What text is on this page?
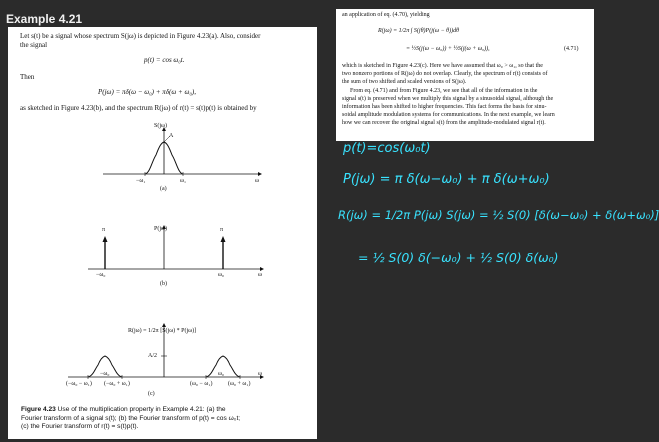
Example 4.21
Let s(t) be a signal whose spectrum S(jω) is depicted in Figure 4.23(a). Also, consider
the signal
p(t) = cos ω₀t.
Then
P(jω) = πδ(ω − ω₀) + πδ(ω + ω₀),
as sketched in Figure 4.23(b), and the spectrum R(jω) of r(t) = s(t)p(t) is obtained by
S(jω)
A
−ω₁	ω₁	ω
(a)
P(jω)
π	π
−ω₀	ω₀	ω
(b)
R(jω) = 1/2π [S(jω) * P(jω)]
A/2
−ω₀	ω₀
(−ω₀ − ω₁) (−ω₀ + ω₁)	(ω₀ − ω₁)	(ω₀ + ω₁)
ω
(c)
Figure 4.23 Use of the multiplication property in Example 4.21: (a) the
Fourier transform of a signal s(t); (b) the Fourier transform of p(t) = cos ω₀t;
(c) the Fourier transform of r(t) = s(t)p(t).
an application of eq. (4.70), yielding
R(jω) = 1/2π ∫ S(jθ)P(j(ω − θ))dθ
= ½S(j(ω − ω₀)) + ½S(j(ω + ω₀)),	(4.71)
which is sketched in Figure 4.23(c). Here we have assumed that ω₀ > ω₁, so that the
two nonzero portions of R(jω) do not overlap. Clearly, the spectrum of r(t) consists of
the sum of two shifted and scaled versions of S(jω).
From eq. (4.71) and from Figure 4.23, we see that all of the information in the
signal s(t) is preserved when we multiply this signal by a sinusoidal signal, although the
information has been shifted to higher frequencies. This fact forms the basis for sinu-
soidal amplitude modulation systems for communications. In the next example, we learn
how we can recover the original signal s(t) from the amplitude-modulated signal r(t).
p(t)=cos(ω₀t)
P(jω) = π δ(ω−ω₀) + π δ(ω+ω₀)
R(jω) = 1/2π P(jω) S(jω) = ½ S(0) [δ(ω−ω₀) + δ(ω+ω₀)]
= ½ S(0) δ(−ω₀) + ½ S(0) δ(ω₀)
